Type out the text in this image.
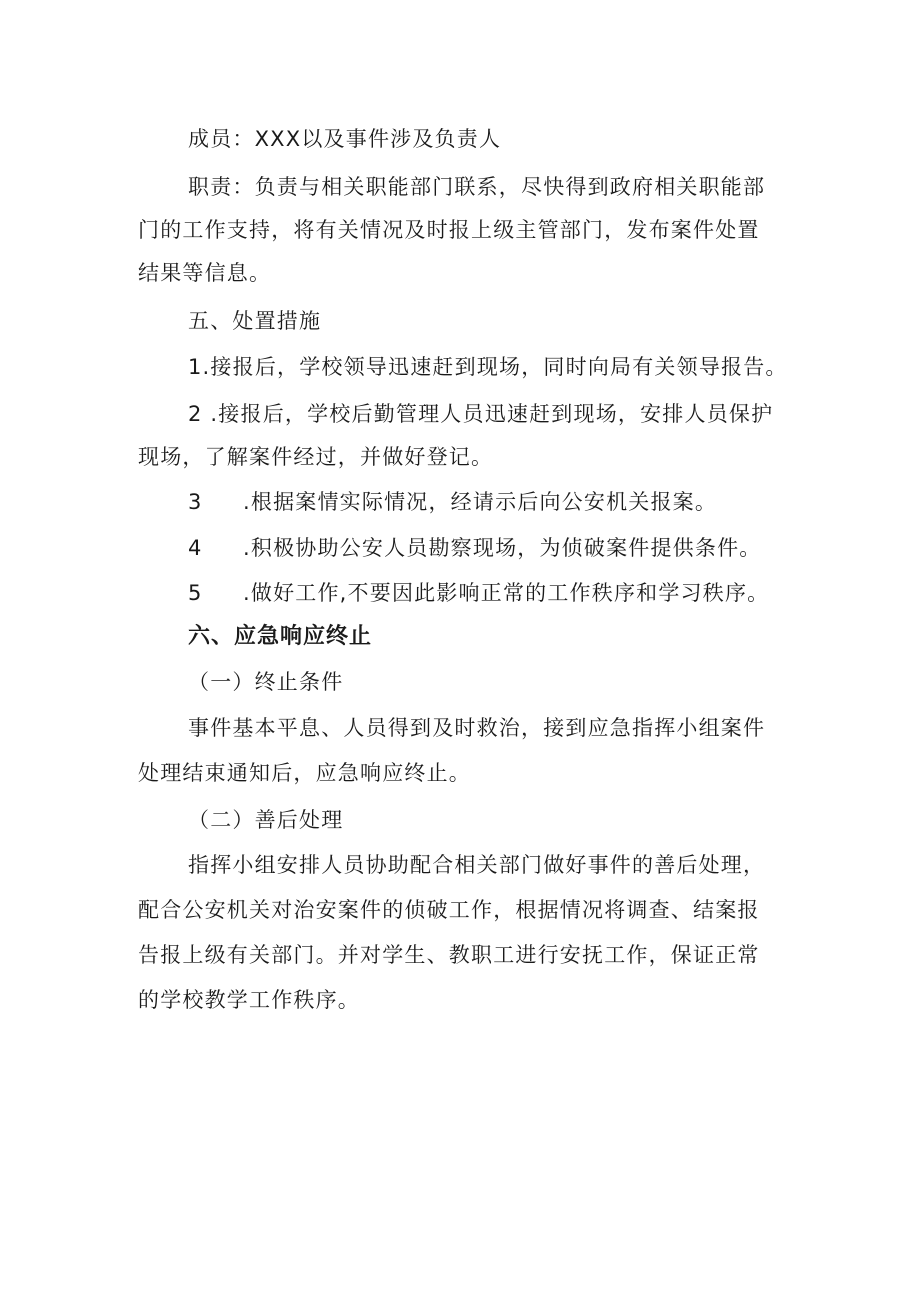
成员：XXX以及事件涉及负责人
职责：负责与相关职能部门联系，尽快得到政府相关职能部
门的工作支持，将有关情况及时报上级主管部门，发布案件处置
结果等信息。
五、处置措施
1.接报后，学校领导迅速赶到现场，同时向局有关领导报告。
2 .接报后，学校后勤管理人员迅速赶到现场，安排人员保护
现场，了解案件经过，并做好登记。
3 .根据案情实际情况，经请示后向公安机关报案。
4 .积极协助公安人员勘察现场，为侦破案件提供条件。
5 .做好工作,不要因此影响正常的工作秩序和学习秩序。
六、应急响应终止
（一）终止条件
事件基本平息、人员得到及时救治，接到应急指挥小组案件
处理结束通知后，应急响应终止。
（二）善后处理
指挥小组安排人员协助配合相关部门做好事件的善后处理，
配合公安机关对治安案件的侦破工作，根据情况将调查、结案报
告报上级有关部门。并对学生、教职工进行安抚工作，保证正常
的学校教学工作秩序。
